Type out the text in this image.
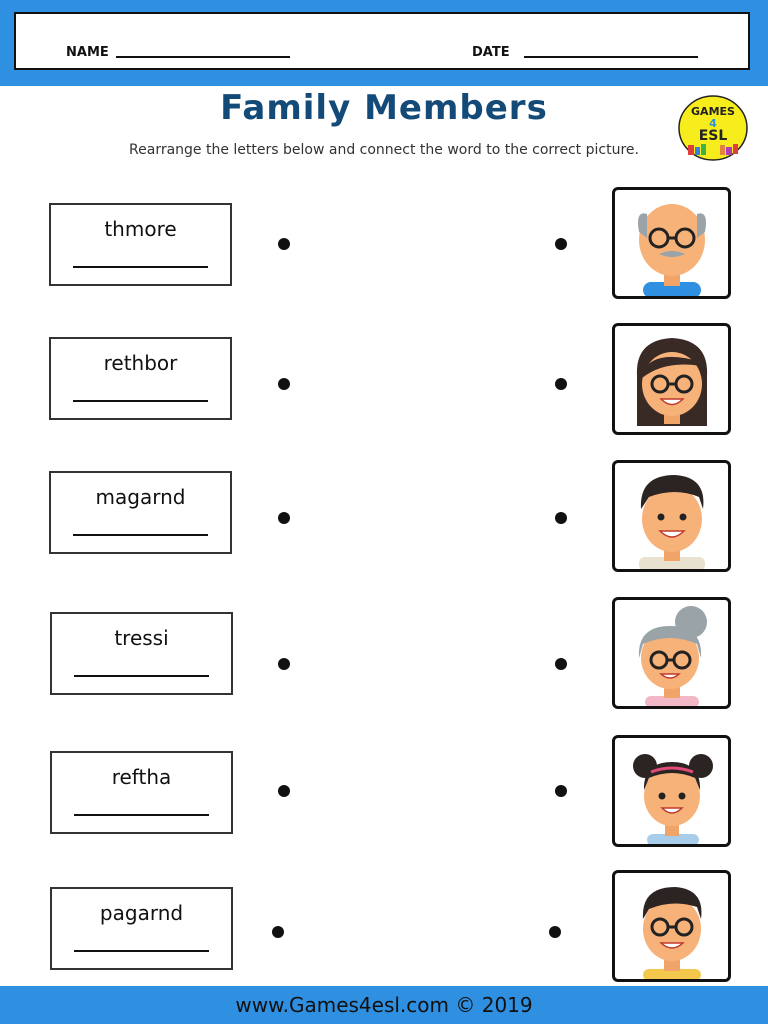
NAME	DATE
Family Members
Rearrange the letters below and connect the word to the correct picture.
GAMES
4
ESL
thmore
rethbor
magarnd
tressi
reftha
pagarnd
www.Games4esl.com © 2019
